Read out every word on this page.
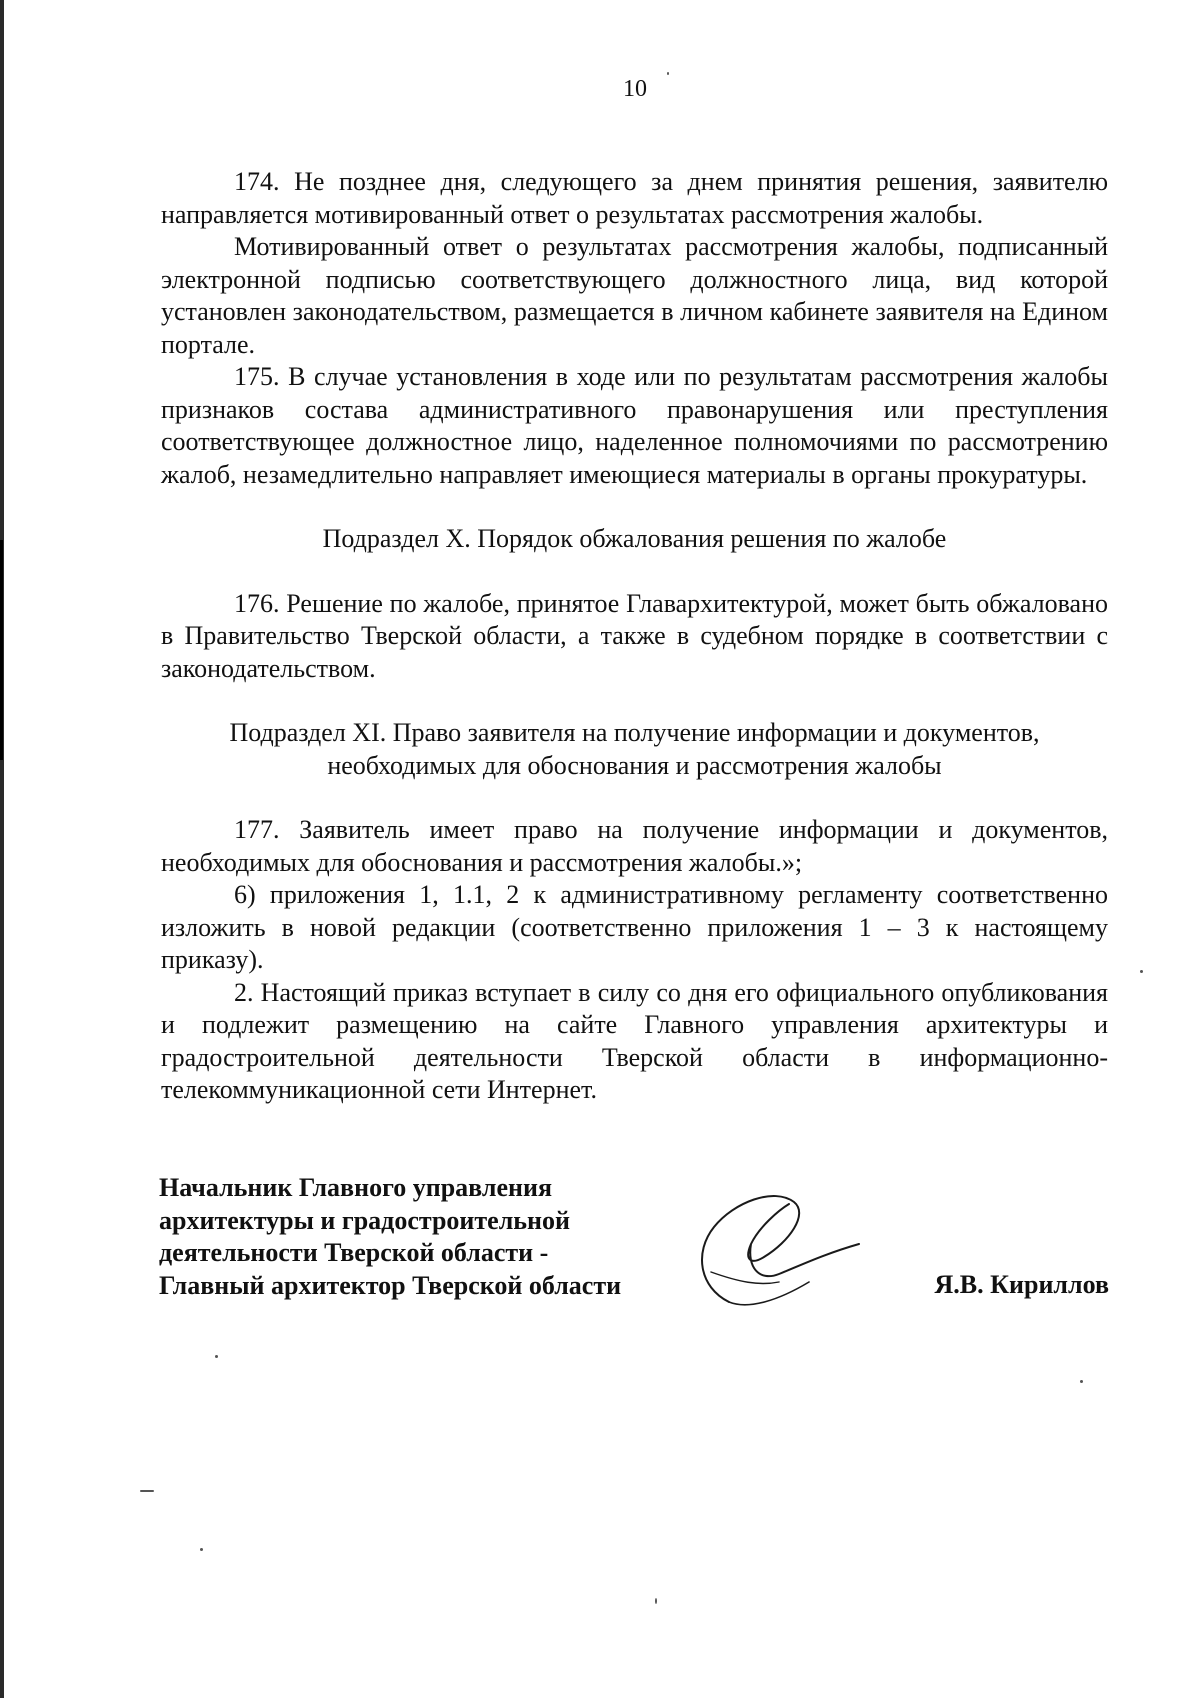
10

174. Не позднее дня, следующего за днем принятия решения, заявителю направляется мотивированный ответ о результатах рассмотрения жалобы.

Мотивированный ответ о результатах рассмотрения жалобы, подписанный электронной подписью соответствующего должностного лица, вид которой установлен законодательством, размещается в личном кабинете заявителя на Едином портале.

175. В случае установления в ходе или по результатам рассмотрения жалобы признаков состава административного правонарушения или преступления соответствующее должностное лицо, наделенное полномочиями по рассмотрению жалоб, незамедлительно направляет имеющиеся материалы в органы прокуратуры.

Подраздел X. Порядок обжалования решения по жалобе

176. Решение по жалобе, принятое Главархитектурой, может быть обжаловано в Правительство Тверской области, а также в судебном порядке в соответствии с законодательством.

Подраздел XI. Право заявителя на получение информации и документов,

необходимых для обоснования и рассмотрения жалобы

177. Заявитель имеет право на получение информации и документов, необходимых для обоснования и рассмотрения жалобы.»;

6) приложения 1, 1.1, 2 к административному регламенту соответственно изложить в новой редакции (соответственно приложения 1 – 3 к настоящему приказу).

2. Настоящий приказ вступает в силу со дня его официального опубликования и подлежит размещению на сайте Главного управления архитектуры и градостроительной деятельности Тверской области в информационно-телекоммуникационной сети Интернет.

Начальник Главного управления
архитектуры и градостроительной
деятельности Тверской области -
Главный архитектор Тверской области	Я.В. Кириллов
